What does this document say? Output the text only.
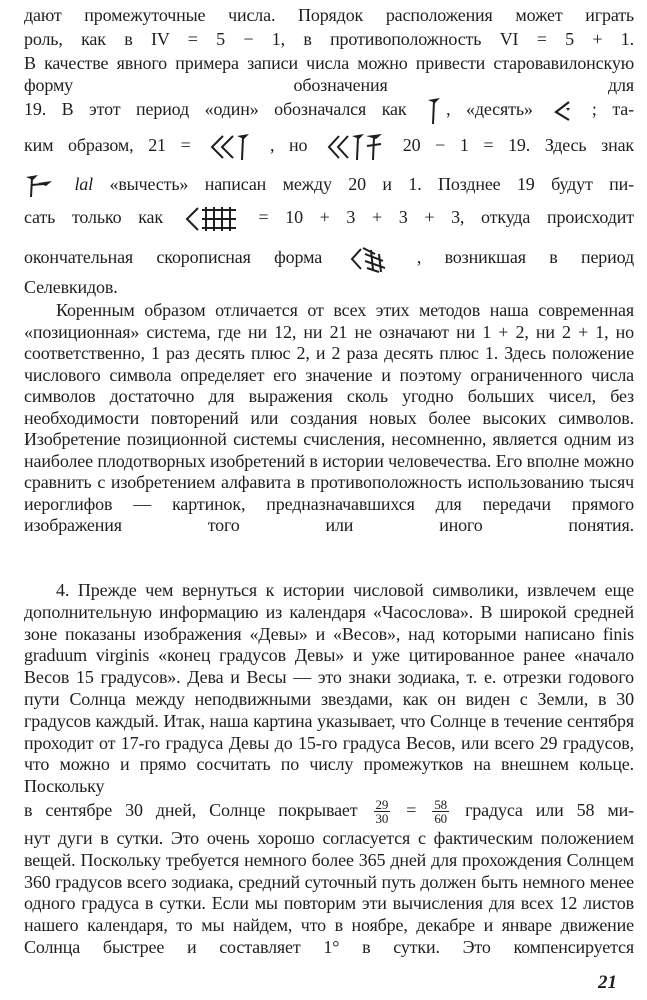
дают промежуточные числа. Порядок расположения может играть
роль, как в IV = 5 − 1, в противоположность VI = 5 + 1.
В качестве явного примера записи числа можно привести старовавилонскую форму обозначения для
19. В этот период «один» обозначался как , «десять»	; та-
ким образом, 21 =	, но	20 − 1 = 19. Здесь знак
lal «вычесть» написан между 20 и 1. Позднее 19 будут пи-
сать только как	= 10 + 3 + 3 + 3, откуда происходит
окончательная скорописная форма	, возникшая в период
Селевкидов.
Коренным образом отличается от всех этих методов наша современная «позиционная» система, где ни 12, ни 21 не означают ни 1 + 2, ни 2 + 1, но соответственно, 1 раз десять плюс 2, и 2 раза десять плюс 1. Здесь положение числового символа определяет его значение и поэтому ограниченного числа символов достаточно для выражения сколь угодно больших чисел, без необходимости повторений или создания новых более высоких символов. Изобретение позиционной системы счисления, несомненно, является одним из наиболее плодотворных изобретений в истории человечества. Его вполне можно сравнить с изобретением алфавита в противоположность использованию тысяч иероглифов — картинок, предназначавшихся для передачи прямого изображения того или иного понятия.
4. Прежде чем вернуться к истории числовой символики, извлечем еще дополнительную информацию из календаря «Часослова». В широкой средней зоне показаны изображения «Девы» и «Весов», над которыми написано finis graduum virginis «конец градусов Девы» и уже цитированное ранее «начало Весов 15 градусов». Дева и Весы — это знаки зодиака, т. е. отрезки годового пути Солнца между неподвижными звездами, как он виден с Земли, в 30 градусов каждый. Итак, наша картина указывает, что Солнце в течение сентября проходит от 17-го градуса Девы до 15-го градуса Весов, или всего 29 градусов, что можно и прямо сосчитать по числу промежутков на внешнем кольце. Поскольку
в сентябре 30 дней, Солнце покрывает $\frac{29}{30} = \frac{58}{60}$ градуса или 58 ми-
нут дуги в сутки. Это очень хорошо согласуется с фактическим положением вещей. Поскольку требуется немного более 365 дней для прохождения Солнцем 360 градусов всего зодиака, средний суточный путь должен быть немного менее одного градуса в сутки. Если мы повторим эти вычисления для всех 12 листов нашего календаря, то мы найдем, что в ноябре, декабре и январе движение Солнца быстрее и составляет 1° в сутки. Это компенсируется
21
